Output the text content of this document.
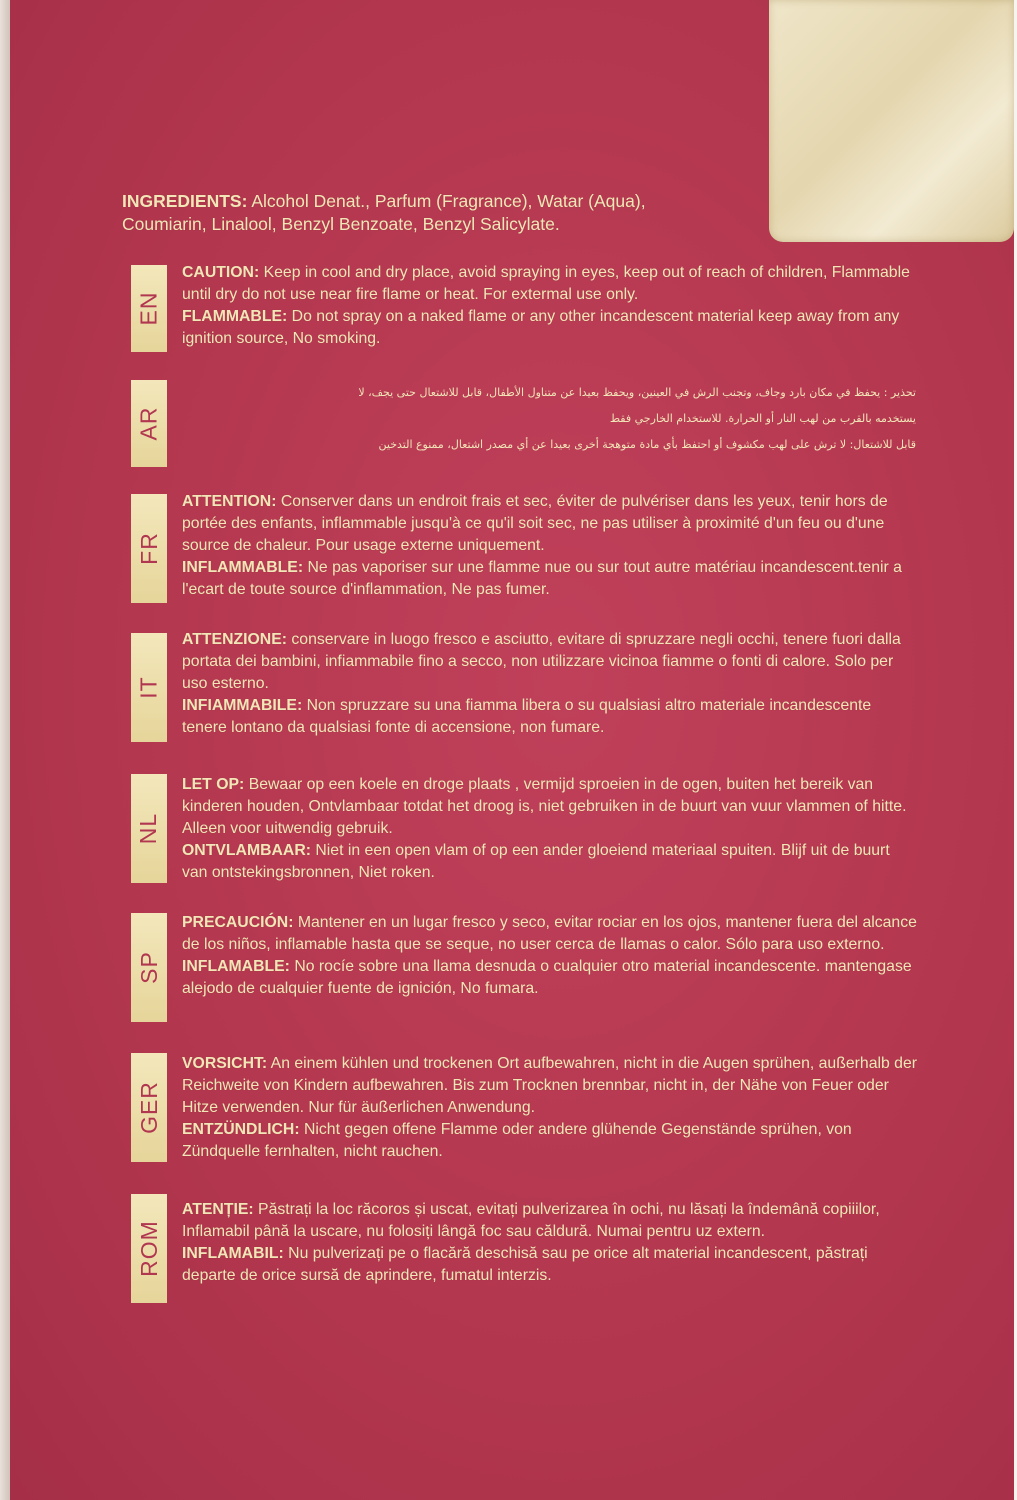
INGREDIENTS: Alcohol Denat., Parfum (Fragrance), Watar (Aqua),
Coumiarin, Linalool, Benzyl Benzoate, Benzyl Salicylate.
EN
CAUTION: Keep in cool and dry place, avoid spraying in eyes, keep out of reach of children, Flammable until dry do not use near fire flame or heat. For extermal use only.
FLAMMABLE: Do not spray on a naked flame or any other incandescent material keep away from any ignition source, No smoking.
AR
تحذير : يحفظ في مكان بارد وجاف، وتجنب الرش في العينين، ويحفظ بعيدا عن متناول الأطفال، قابل للاشتعال حتى يجف، لا
يستخدمه بالقرب من لهب النار أو الحرارة. للاستخدام الخارجي فقط
قابل للاشتعال: لا ترش على لهب مكشوف أو احتفظ بأي مادة متوهجة أخرى بعيدا عن أي مصدر اشتعال، ممنوع التدخين
FR
ATTENTION: Conserver dans un endroit frais et sec, éviter de pulvériser dans les yeux, tenir hors de portée des enfants, inflammable jusqu'à ce qu'il soit sec, ne pas utiliser à proximité d'un feu ou d'une source de chaleur. Pour usage externe uniquement.
INFLAMMABLE: Ne pas vaporiser sur une flamme nue ou sur tout autre matériau incandescent.tenir a l'ecart de toute source d'inflammation, Ne pas fumer.
IT
ATTENZIONE: conservare in luogo fresco e asciutto, evitare di spruzzare negli occhi, tenere fuori dalla portata dei bambini, infiammabile fino a secco, non utilizzare vicinoa fiamme o fonti di calore. Solo per uso esterno.
INFIAMMABILE: Non spruzzare su una fiamma libera o su qualsiasi altro materiale incandescente tenere lontano da qualsiasi fonte di accensione, non fumare.
NL
LET OP: Bewaar op een koele en droge plaats , vermijd sproeien in de ogen, buiten het bereik van kinderen houden, Ontvlambaar totdat het droog is, niet gebruiken in de buurt van vuur vlammen of hitte. Alleen voor uitwendig gebruik.
ONTVLAMBAAR: Niet in een open vlam of op een ander gloeiend materiaal spuiten. Blijf uit de buurt van ontstekingsbronnen, Niet roken.
SP
PRECAUCIÓN: Mantener en un lugar fresco y seco, evitar rociar en los ojos, mantener fuera del alcance de los niños, inflamable hasta que se seque, no user cerca de llamas o calor. Sólo para uso externo.
INFLAMABLE: No rocíe sobre una llama desnuda o cualquier otro material incandescente. mantengase alejodo de cualquier fuente de ignición, No fumara.
GER
VORSICHT: An einem kühlen und trockenen Ort aufbewahren, nicht in die Augen sprühen, außerhalb der Reichweite von Kindern aufbewahren. Bis zum Trocknen brennbar, nicht in, der Nähe von Feuer oder Hitze verwenden. Nur für äußerlichen Anwendung.
ENTZÜNDLICH: Nicht gegen offene Flamme oder andere glühende Gegenstände sprühen, von Zündquelle fernhalten, nicht rauchen.
ROM
ATENȚIE: Păstrați la loc răcoros și uscat, evitați pulverizarea în ochi, nu lăsați la îndemână copiiilor, Inflamabil până la uscare, nu folosiți lângă foc sau căldură. Numai pentru uz extern.
INFLAMABIL: Nu pulverizați pe o flacără deschisă sau pe orice alt material incandescent, păstrați departe de orice sursă de aprindere, fumatul interzis.
